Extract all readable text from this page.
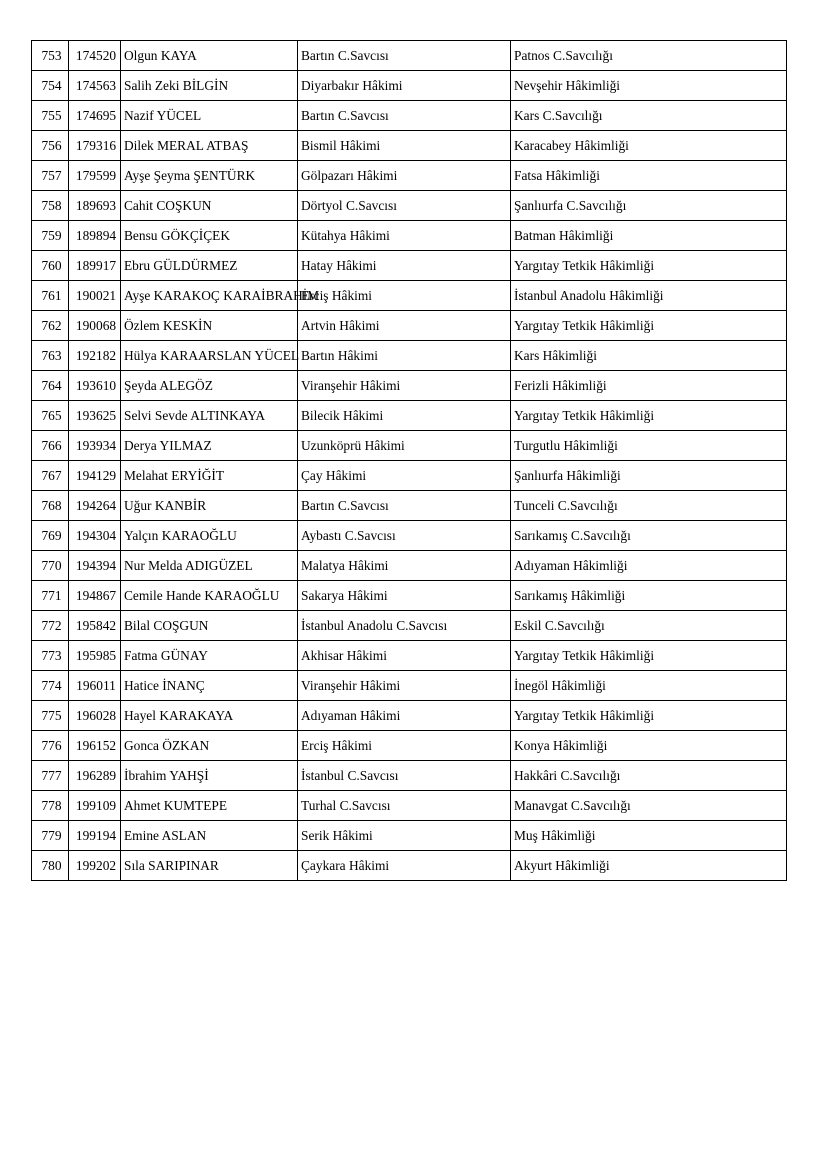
753	174520	Olgun KAYA	Bartın C.Savcısı	Patnos C.Savcılığı
754	174563	Salih Zeki BİLGİN	Diyarbakır Hâkimi	Nevşehir Hâkimliği
755	174695	Nazif YÜCEL	Bartın C.Savcısı	Kars C.Savcılığı
756	179316	Dilek MERAL ATBAŞ	Bismil Hâkimi	Karacabey Hâkimliği
757	179599	Ayşe Şeyma ŞENTÜRK	Gölpazarı Hâkimi	Fatsa Hâkimliği
758	189693	Cahit COŞKUN	Dörtyol C.Savcısı	Şanlıurfa C.Savcılığı
759	189894	Bensu GÖKÇİÇEK	Kütahya Hâkimi	Batman Hâkimliği
760	189917	Ebru GÜLDÜRMEZ	Hatay Hâkimi	Yargıtay Tetkik Hâkimliği
761	190021	Ayşe KARAKOÇ KARAİBRAHİM	Erciş Hâkimi	İstanbul Anadolu Hâkimliği
762	190068	Özlem KESKİN	Artvin Hâkimi	Yargıtay Tetkik Hâkimliği
763	192182	Hülya KARAARSLAN YÜCEL	Bartın Hâkimi	Kars Hâkimliği
764	193610	Şeyda ALEGÖZ	Viranşehir Hâkimi	Ferizli Hâkimliği
765	193625	Selvi Sevde ALTINKAYA	Bilecik Hâkimi	Yargıtay Tetkik Hâkimliği
766	193934	Derya YILMAZ	Uzunköprü Hâkimi	Turgutlu Hâkimliği
767	194129	Melahat ERYİĞİT	Çay Hâkimi	Şanlıurfa Hâkimliği
768	194264	Uğur KANBİR	Bartın C.Savcısı	Tunceli C.Savcılığı
769	194304	Yalçın KARAOĞLU	Aybastı C.Savcısı	Sarıkamış C.Savcılığı
770	194394	Nur Melda ADIGÜZEL	Malatya Hâkimi	Adıyaman Hâkimliği
771	194867	Cemile Hande KARAOĞLU	Sakarya Hâkimi	Sarıkamış Hâkimliği
772	195842	Bilal COŞGUN	İstanbul Anadolu C.Savcısı	Eskil C.Savcılığı
773	195985	Fatma GÜNAY	Akhisar Hâkimi	Yargıtay Tetkik Hâkimliği
774	196011	Hatice İNANÇ	Viranşehir Hâkimi	İnegöl Hâkimliği
775	196028	Hayel KARAKAYA	Adıyaman Hâkimi	Yargıtay Tetkik Hâkimliği
776	196152	Gonca ÖZKAN	Erciş Hâkimi	Konya Hâkimliği
777	196289	İbrahim YAHŞİ	İstanbul C.Savcısı	Hakkâri C.Savcılığı
778	199109	Ahmet KUMTEPE	Turhal C.Savcısı	Manavgat C.Savcılığı
779	199194	Emine ASLAN	Serik Hâkimi	Muş Hâkimliği
780	199202	Sıla SARIPINAR	Çaykara Hâkimi	Akyurt Hâkimliği
